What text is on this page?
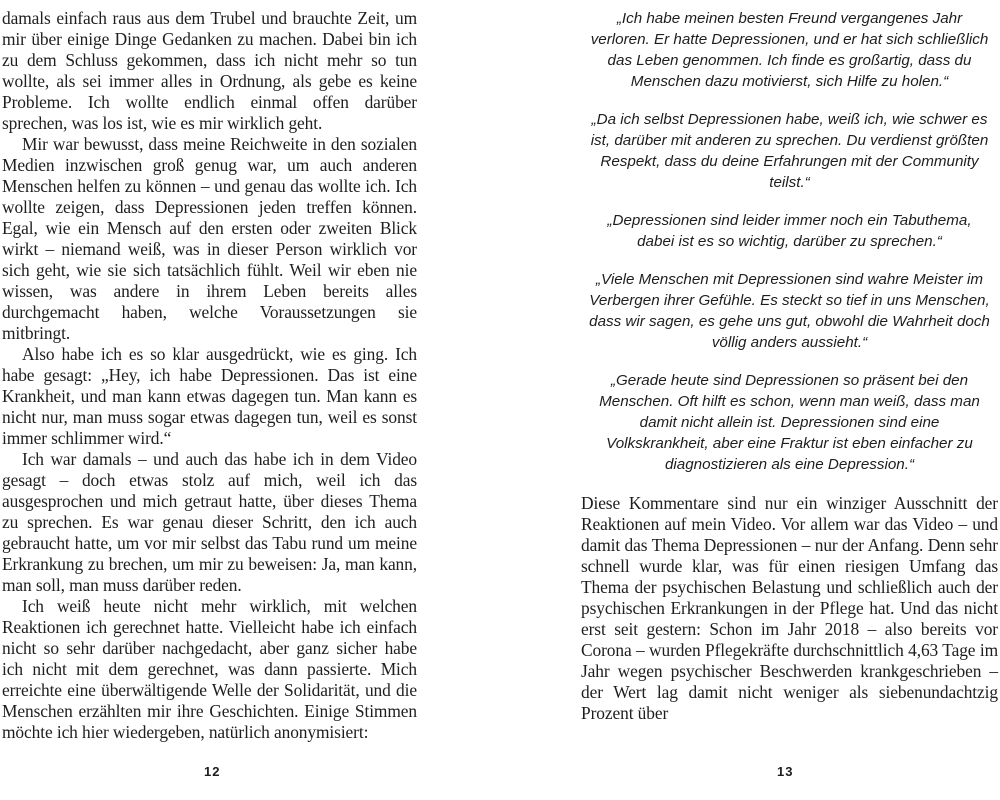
damals einfach raus aus dem Trubel und brauchte Zeit, um mir über einige Dinge Gedanken zu machen. Dabei bin ich zu dem Schluss gekommen, dass ich nicht mehr so tun wollte, als sei immer alles in Ordnung, als gebe es keine Probleme. Ich wollte endlich einmal offen darüber sprechen, was los ist, wie es mir wirklich geht.

Mir war bewusst, dass meine Reichweite in den sozialen Medien inzwischen groß genug war, um auch anderen Menschen helfen zu können – und genau das wollte ich. Ich wollte zeigen, dass Depressionen jeden treffen können. Egal, wie ein Mensch auf den ersten oder zweiten Blick wirkt – niemand weiß, was in dieser Person wirklich vor sich geht, wie sie sich tatsächlich fühlt. Weil wir eben nie wissen, was andere in ihrem Leben bereits alles durchgemacht haben, welche Voraussetzungen sie mitbringt.

Also habe ich es so klar ausgedrückt, wie es ging. Ich habe gesagt: „Hey, ich habe Depressionen. Das ist eine Krankheit, und man kann etwas dagegen tun. Man kann es nicht nur, man muss sogar etwas dagegen tun, weil es sonst immer schlimmer wird.“

Ich war damals – und auch das habe ich in dem Video gesagt – doch etwas stolz auf mich, weil ich das ausgesprochen und mich getraut hatte, über dieses Thema zu sprechen. Es war genau dieser Schritt, den ich auch gebraucht hatte, um vor mir selbst das Tabu rund um meine Erkrankung zu brechen, um mir zu beweisen: Ja, man kann, man soll, man muss darüber reden.

Ich weiß heute nicht mehr wirklich, mit welchen Reaktionen ich gerechnet hatte. Vielleicht habe ich einfach nicht so sehr darüber nachgedacht, aber ganz sicher habe ich nicht mit dem gerechnet, was dann passierte. Mich erreichte eine überwältigende Welle der Solidarität, und die Menschen erzählten mir ihre Geschichten. Einige Stimmen möchte ich hier wiedergeben, natürlich anonymisiert:

12

„Ich habe meinen besten Freund vergangenes Jahr verloren. Er hatte Depressionen, und er hat sich schließlich das Leben genommen. Ich finde es großartig, dass du Menschen dazu motivierst, sich Hilfe zu holen.“

„Da ich selbst Depressionen habe, weiß ich, wie schwer es ist, darüber mit anderen zu sprechen. Du verdienst größten Respekt, dass du deine Erfahrungen mit der Community teilst.“

„Depressionen sind leider immer noch ein Tabuthema, dabei ist es so wichtig, darüber zu sprechen.“

„Viele Menschen mit Depressionen sind wahre Meister im Verbergen ihrer Gefühle. Es steckt so tief in uns Menschen, dass wir sagen, es gehe uns gut, obwohl die Wahrheit doch völlig anders aussieht.“

„Gerade heute sind Depressionen so präsent bei den Menschen. Oft hilft es schon, wenn man weiß, dass man damit nicht allein ist. Depressionen sind eine Volkskrankheit, aber eine Fraktur ist eben einfacher zu diagnostizieren als eine Depression.“

Diese Kommentare sind nur ein winziger Ausschnitt der Reaktionen auf mein Video. Vor allem war das Video – und damit das Thema Depressionen – nur der Anfang. Denn sehr schnell wurde klar, was für einen riesigen Umfang das Thema der psychischen Belastung und schließlich auch der psychischen Erkrankungen in der Pflege hat. Und das nicht erst seit gestern: Schon im Jahr 2018 – also bereits vor Corona – wurden Pflegekräfte durchschnittlich 4,63 Tage im Jahr wegen psychischer Beschwerden krankgeschrieben – der Wert lag damit nicht weniger als siebenundachtzig Prozent über

13
